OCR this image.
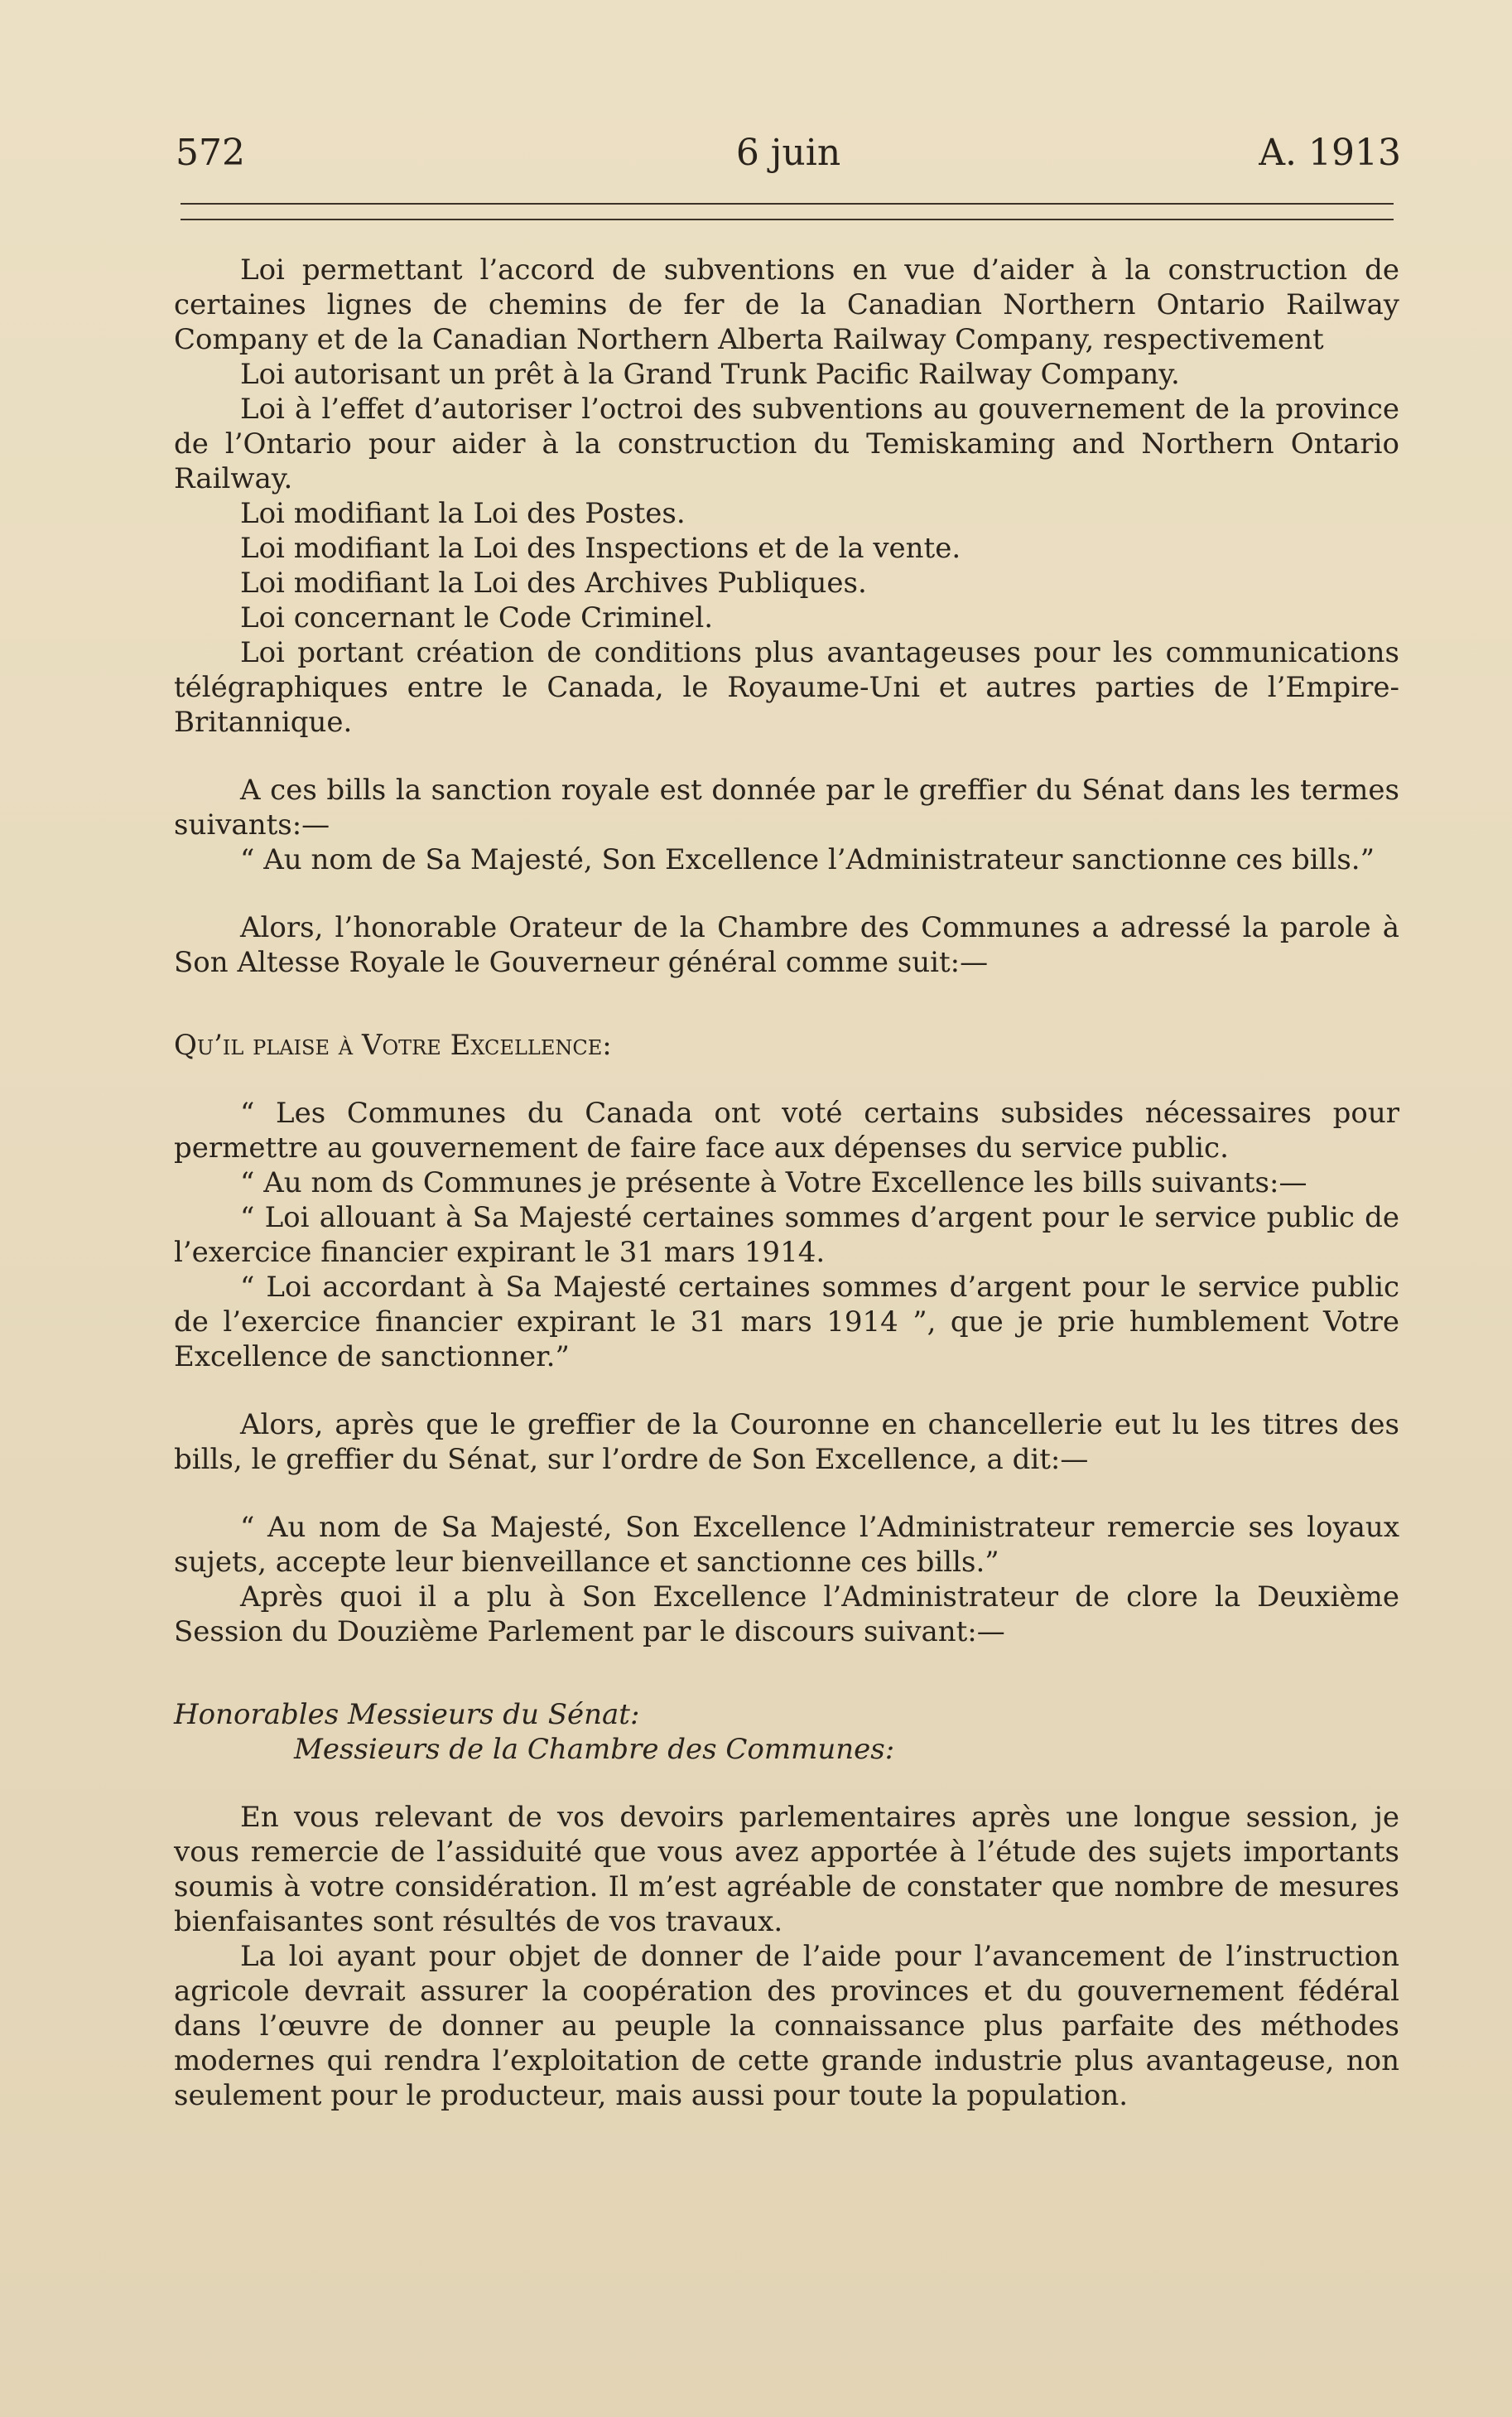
572	6 juin	A. 1913

Loi permettant l’accord de subventions en vue d’aider à la construction de certaines lignes de chemins de fer de la Canadian Northern Ontario Railway Company et de la Canadian Northern Alberta Railway Company, respectivement

Loi autorisant un prêt à la Grand Trunk Pacific Railway Company.

Loi à l’effet d’autoriser l’octroi des subventions au gouvernement de la province de l’Ontario pour aider à la construction du Temiskaming and Northern Ontario Railway.

Loi modifiant la Loi des Postes.

Loi modifiant la Loi des Inspections et de la vente.

Loi modifiant la Loi des Archives Publiques.

Loi concernant le Code Criminel.

Loi portant création de conditions plus avantageuses pour les communications télégraphiques entre le Canada, le Royaume-Uni et autres parties de l’Empire-Britannique.

A ces bills la sanction royale est donnée par le greffier du Sénat dans les termes suivants:—

“ Au nom de Sa Majesté, Son Excellence l’Administrateur sanctionne ces bills.”

Alors, l’honorable Orateur de la Chambre des Communes a adressé la parole à Son Altesse Royale le Gouverneur général comme suit:—

Qu’il plaise à Votre Excellence:

“ Les Communes du Canada ont voté certains subsides nécessaires pour permettre au gouvernement de faire face aux dépenses du service public.

“ Au nom ds Communes je présente à Votre Excellence les bills suivants:—

“ Loi allouant à Sa Majesté certaines sommes d’argent pour le service public de l’exercice financier expirant le 31 mars 1914.

“ Loi accordant à Sa Majesté certaines sommes d’argent pour le service public de l’exercice financier expirant le 31 mars 1914 ”, que je prie humblement Votre Excellence de sanctionner.”

Alors, après que le greffier de la Couronne en chancellerie eut lu les titres des bills, le greffier du Sénat, sur l’ordre de Son Excellence, a dit:—

“ Au nom de Sa Majesté, Son Excellence l’Administrateur remercie ses loyaux sujets, accepte leur bienveillance et sanctionne ces bills.”

Après quoi il a plu à Son Excellence l’Administrateur de clore la Deuxième Session du Douzième Parlement par le discours suivant:—

Honorables Messieurs du Sénat:

Messieurs de la Chambre des Communes:

En vous relevant de vos devoirs parlementaires après une longue session, je vous remercie de l’assiduité que vous avez apportée à l’étude des sujets importants soumis à votre considération. Il m’est agréable de constater que nombre de mesures bienfaisantes sont résultés de vos travaux.

La loi ayant pour objet de donner de l’aide pour l’avancement de l’instruction agricole devrait assurer la coopération des provinces et du gouvernement fédéral dans l’œuvre de donner au peuple la connaissance plus parfaite des méthodes modernes qui rendra l’exploitation de cette grande industrie plus avantageuse, non seulement pour le producteur, mais aussi pour toute la population.
